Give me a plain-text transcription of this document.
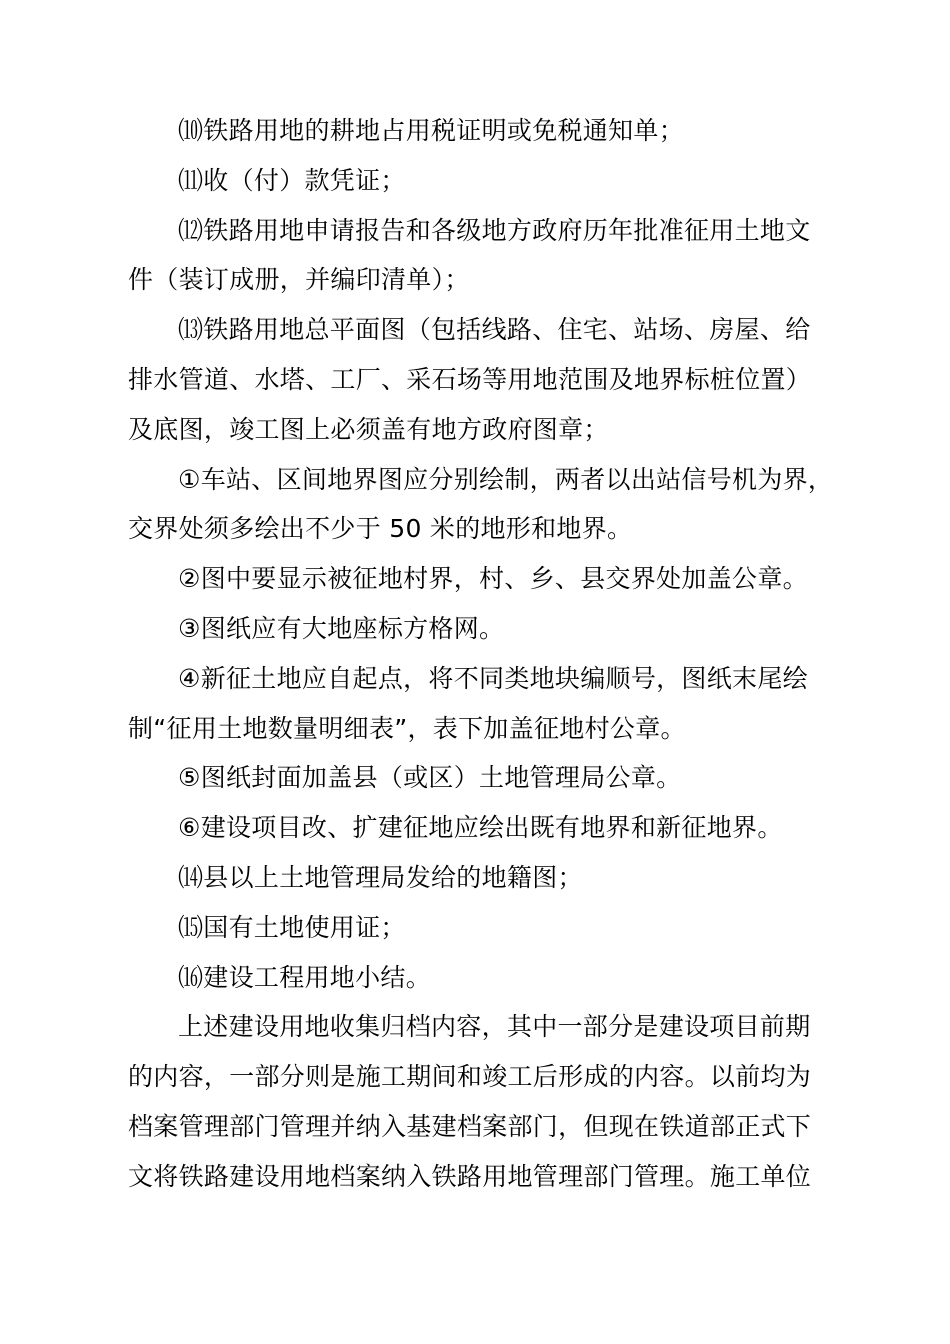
⑽铁路用地的耕地占用税证明或免税通知单；

⑾收（付）款凭证；

⑿铁路用地申请报告和各级地方政府历年批准征用土地文
件（装订成册，并编印清单）；

⒀铁路用地总平面图（包括线路、住宅、站场、房屋、给
排水管道、水塔、工厂、采石场等用地范围及地界标桩位置）
及底图，竣工图上必须盖有地方政府图章；

①车站、区间地界图应分别绘制，两者以出站信号机为界，
交界处须多绘出不少于 50 米的地形和地界。

②图中要显示被征地村界，村、乡、县交界处加盖公章。

③图纸应有大地座标方格网。

④新征土地应自起点，将不同类地块编顺号，图纸末尾绘
制“征用土地数量明细表”，表下加盖征地村公章。

⑤图纸封面加盖县（或区）土地管理局公章。

⑥建设项目改、扩建征地应绘出既有地界和新征地界。

⒁县以上土地管理局发给的地籍图；

⒂国有土地使用证；

⒃建设工程用地小结。

上述建设用地收集归档内容，其中一部分是建设项目前期
的内容，一部分则是施工期间和竣工后形成的内容。以前均为
档案管理部门管理并纳入基建档案部门，但现在铁道部正式下
文将铁路建设用地档案纳入铁路用地管理部门管理。施工单位
